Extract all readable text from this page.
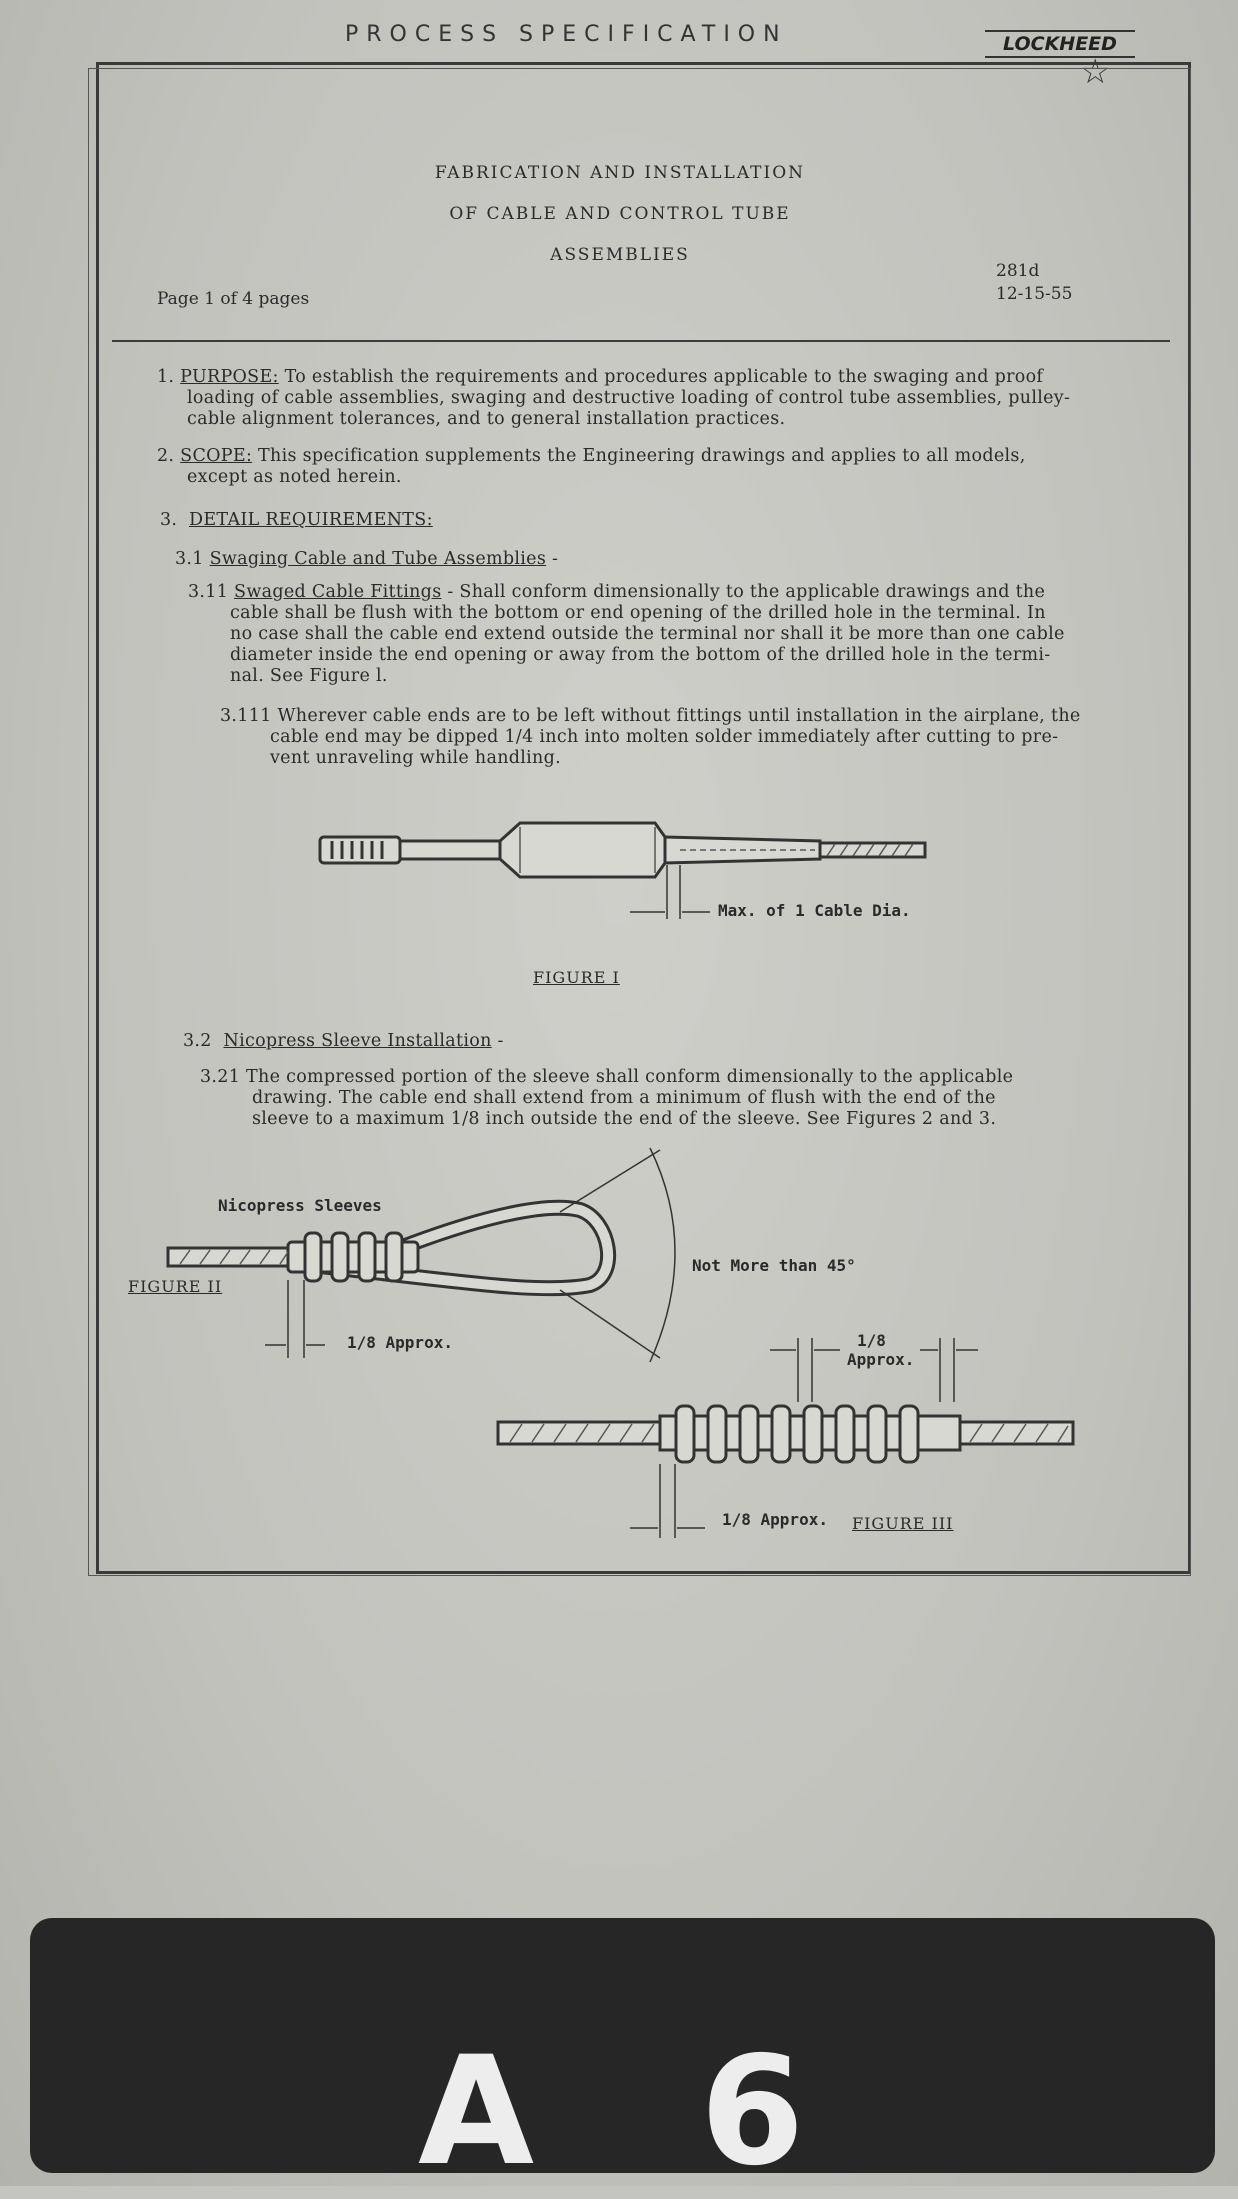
PROCESS SPECIFICATION	LOCKHEED
☆
FABRICATION AND INSTALLATION
OF CABLE AND CONTROL TUBE
ASSEMBLIES
Page 1 of 4 pages
281d
12-15-55

1. PURPOSE: To establish the requirements and procedures applicable to the swaging and proof

loading of cable assemblies, swaging and destructive loading of control tube assemblies, pulley-

cable alignment tolerances, and to general installation practices.

2. SCOPE: This specification supplements the Engineering drawings and applies to all models,

except as noted herein.

3. DETAIL REQUIREMENTS:

3.1 Swaging Cable and Tube Assemblies -

3.11 Swaged Cable Fittings - Shall conform dimensionally to the applicable drawings and the

cable shall be flush with the bottom or end opening of the drilled hole in the terminal. In

no case shall the cable end extend outside the terminal nor shall it be more than one cable

diameter inside the end opening or away from the bottom of the drilled hole in the termi-

nal. See Figure l.

3.111 Wherever cable ends are to be left without fittings until installation in the airplane, the

cable end may be dipped 1/4 inch into molten solder immediately after cutting to pre-

vent unraveling while handling.

Max. of 1 Cable Dia.
FIGURE I

3.2 Nicopress Sleeve Installation -

3.21 The compressed portion of the sleeve shall conform dimensionally to the applicable

drawing. The cable end shall extend from a minimum of flush with the end of the

sleeve to a maximum 1/8 inch outside the end of the sleeve. See Figures 2 and 3.

Nicopress Sleeves
FIGURE II
1/8 Approx.
Not More than 45°
1/8
Approx.
1/8 Approx. FIGURE III
A 6
